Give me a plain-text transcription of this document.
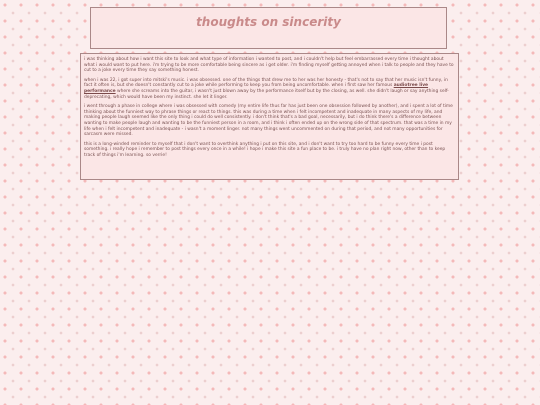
thoughts on sincerity

i was thinking about how i want this site to look and what type of information i wanted to post, and i couldn't help but feel embarrassed every time i thought about what i would want to put here. i'm trying to be more comfortable being sincere as i get older. i'm finding myself getting annoyed when i talk to people and they have to cut to a joke every time they say something honest.

when i was 22, i got super into mitski's music. i was obsessed. one of the things that drew me to her was her honesty - that's not to say that her music isn't funny, in fact it often is, but she doesn't constantly cut to a joke while performing to keep you from being uncomfortable. when i first saw her famous audiotree live performance where she screams into the guitar, i wasn't just blown away by the performance itself but by the closing, as well. she didn't laugh or say anything self-deprecating, which would have been my instinct. she let it linger.

i went through a phase in college where i was obsessed with comedy (my entire life thus far has just been one obsession followed by another), and i spent a lot of time thinking about the funniest way to phrase things or react to things. this was during a time when i felt incompetent and inadequate in many aspects of my life, and making people laugh seemed like the only thing i could do well consistently. i don't think that's a bad goal, necessarily, but i do think there's a difference between wanting to make people laugh and wanting to be the funniest person in a room, and i think i often ended up on the wrong side of that spectrum. that was a time in my life when i felt incompetent and inadequate - i wasn't a moment linger. not many things went uncommented on during that period, and not many opportunities for sarcasm were missed.

this is a long-winded reminder to myself that i don't want to overthink anything i put on this site, and i don't want to try too hard to be funny every time i post something. i really hope i remember to post things every once in a while! i hope i make this site a fun place to be. i truly have no plan right now, other than to keep track of things i'm learning. so verrie!
